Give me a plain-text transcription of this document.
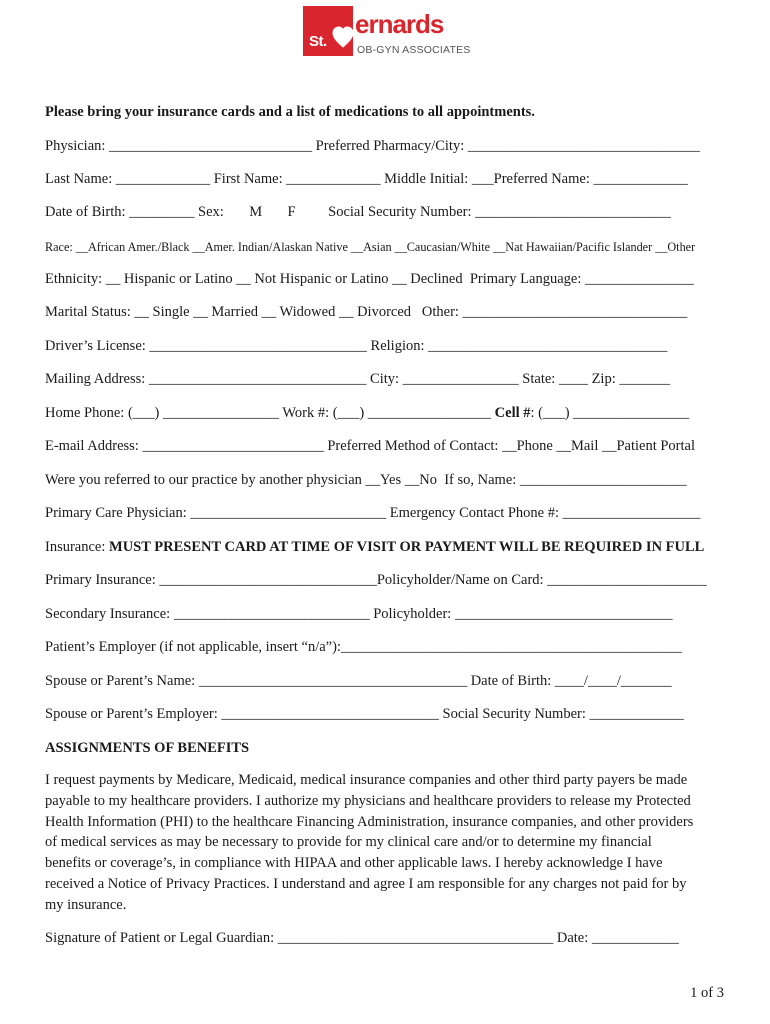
St.
ernards
OB-GYN ASSOCIATES
Please bring your insurance cards and a list of medications to all appointments.
Physician: ____________________________ Preferred Pharmacy/City: ________________________________
Last Name: _____________ First Name: _____________ Middle Initial: ___Preferred Name: _____________
Date of Birth: _________ Sex:       M       F         Social Security Number: ___________________________
Race: __African Amer./Black __Amer. Indian/Alaskan Native __Asian __Caucasian/White __Nat Hawaiian/Pacific Islander __Other
Ethnicity: __ Hispanic or Latino __ Not Hispanic or Latino __ Declined  Primary Language: _______________
Marital Status: __ Single __ Married __ Widowed __ Divorced   Other: _______________________________
Driver’s License: ______________________________ Religion: _________________________________
Mailing Address: ______________________________ City: ________________ State: ____ Zip: _______
Home Phone: (___) ________________ Work #: (___) _________________ Cell #: (___) ________________
E-mail Address: _________________________ Preferred Method of Contact: __Phone __Mail __Patient Portal
Were you referred to our practice by another physician __Yes __No  If so, Name: _______________________
Primary Care Physician: ___________________________ Emergency Contact Phone #: ___________________
Insurance: MUST PRESENT CARD AT TIME OF VISIT OR PAYMENT WILL BE REQUIRED IN FULL
Primary Insurance: ______________________________Policyholder/Name on Card: ______________________
Secondary Insurance: ___________________________ Policyholder: ______________________________
Patient’s Employer (if not applicable, insert “n/a”):_______________________________________________
Spouse or Parent’s Name: _____________________________________ Date of Birth: ____/____/_______
Spouse or Parent’s Employer: ______________________________ Social Security Number: _____________
ASSIGNMENTS OF BENEFITS
I request payments by Medicare, Medicaid, medical insurance companies and other third party payers be made
payable to my healthcare providers. I authorize my physicians and healthcare providers to release my Protected
Health Information (PHI) to the healthcare Financing Administration, insurance companies, and other providers
of medical services as may be necessary to provide for my clinical care and/or to determine my financial
benefits or coverage’s, in compliance with HIPAA and other applicable laws. I hereby acknowledge I have
received a Notice of Privacy Practices. I understand and agree I am responsible for any charges not paid for by
my insurance.
Signature of Patient or Legal Guardian: ______________________________________ Date: ____________
1 of 3
